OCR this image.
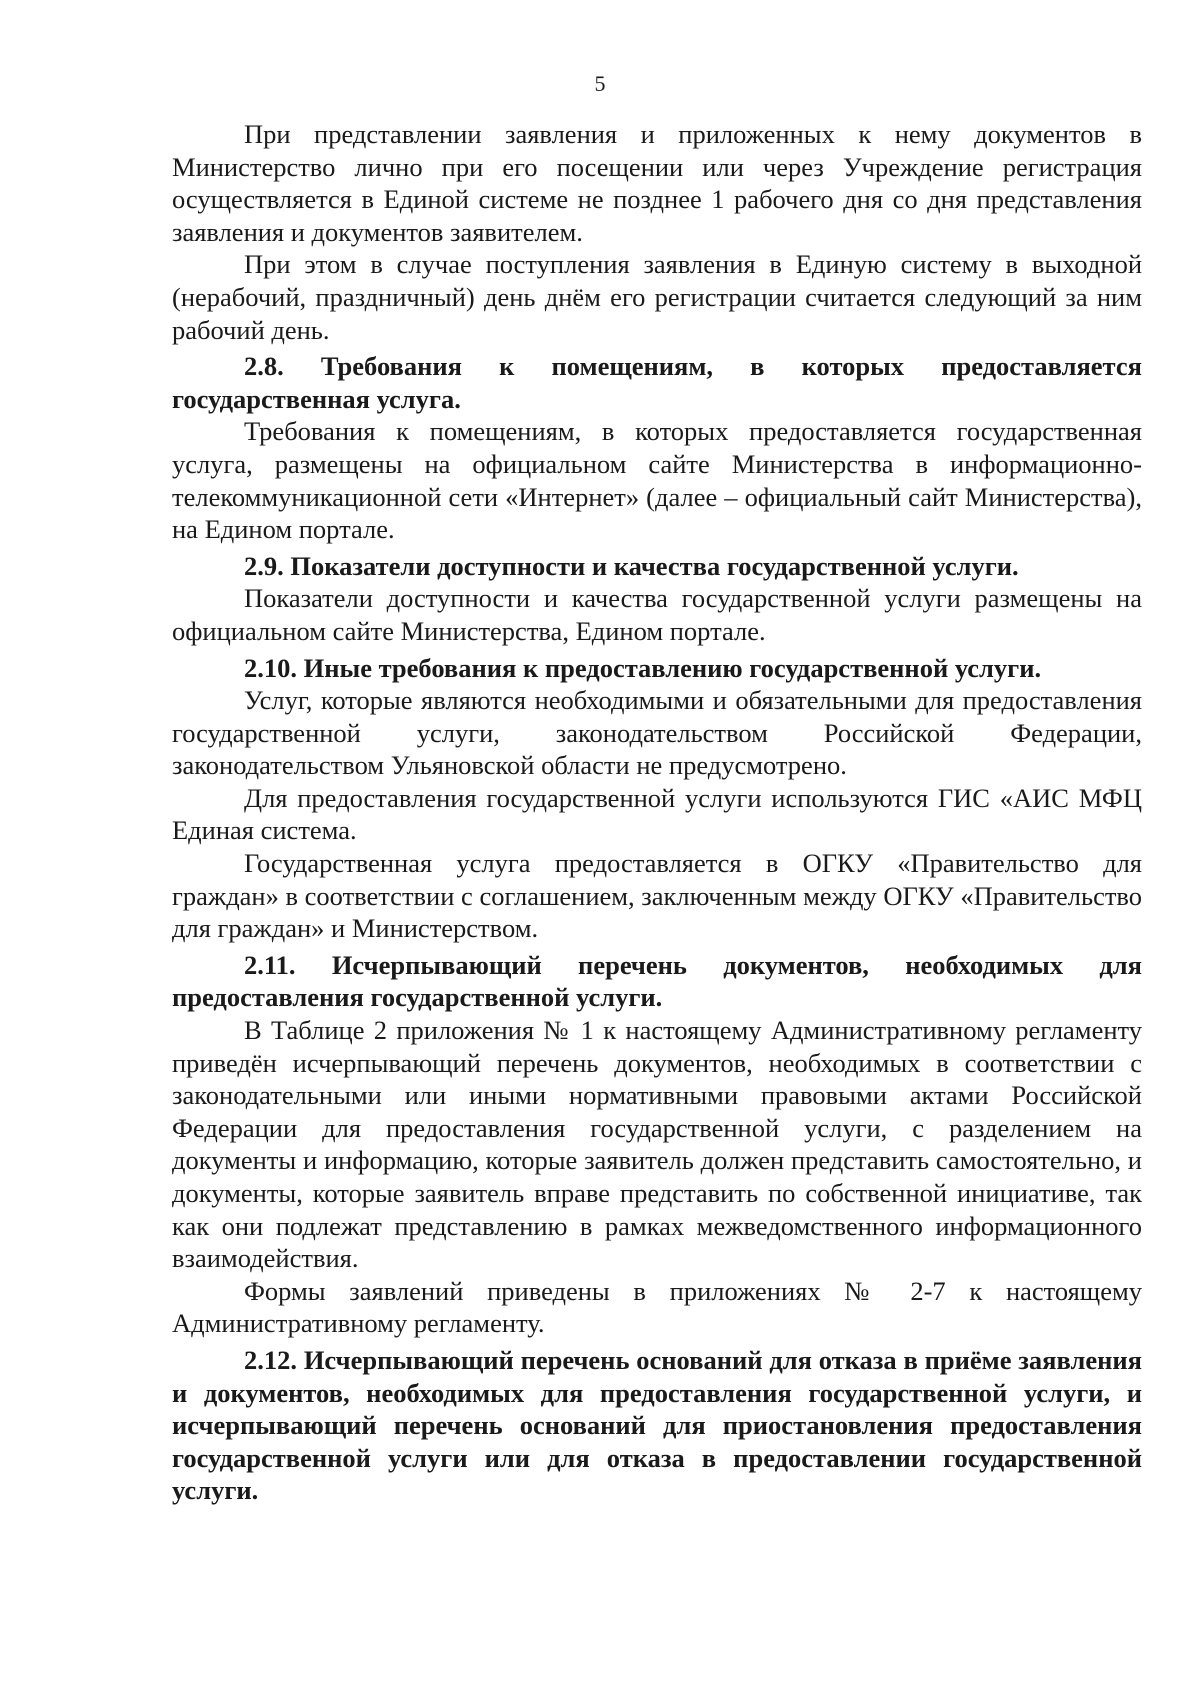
5

При представлении заявления и приложенных к нему документов в Министерство лично при его посещении или через Учреждение регистрация осуществляется в Единой системе не позднее 1 рабочего дня со дня представления заявления и документов заявителем.

При этом в случае поступления заявления в Единую систему в выходной (нерабочий, праздничный) день днём его регистрации считается следующий за ним рабочий день.

2.8. Требования к помещениям, в которых предоставляется государственная услуга.

Требования к помещениям, в которых предоставляется государственная услуга, размещены на официальном сайте Министерства в информационно-телекоммуникационной сети «Интернет» (далее – официальный сайт Министерства), на Едином портале.

2.9. Показатели доступности и качества государственной услуги.

Показатели доступности и качества государственной услуги размещены на официальном сайте Министерства, Едином портале.

2.10. Иные требования к предоставлению государственной услуги.

Услуг, которые являются необходимыми и обязательными для предоставления государственной услуги, законодательством Российской Федерации, законодательством Ульяновской области не предусмотрено.

Для предоставления государственной услуги используются ГИС «АИС МФЦ Единая система.

Государственная услуга предоставляется в ОГКУ «Правительство для граждан» в соответствии с соглашением, заключенным между ОГКУ «Правительство для граждан» и Министерством.

2.11. Исчерпывающий перечень документов, необходимых для предоставления государственной услуги.

В Таблице 2 приложения № 1 к настоящему Административному регламенту приведён исчерпывающий перечень документов, необходимых в соответствии с законодательными или иными нормативными правовыми актами Российской Федерации для предоставления государственной услуги, с разделением на документы и информацию, которые заявитель должен представить самостоятельно, и документы, которые заявитель вправе представить по собственной инициативе, так как они подлежат представлению в рамках межведомственного информационного взаимодействия.

Формы заявлений приведены в приложениях № 2-7 к настоящему Административному регламенту.

2.12. Исчерпывающий перечень оснований для отказа в приёме заявления и документов, необходимых для предоставления государственной услуги, и исчерпывающий перечень оснований для приостановления предоставления государственной услуги или для отказа в предоставлении государственной услуги.
